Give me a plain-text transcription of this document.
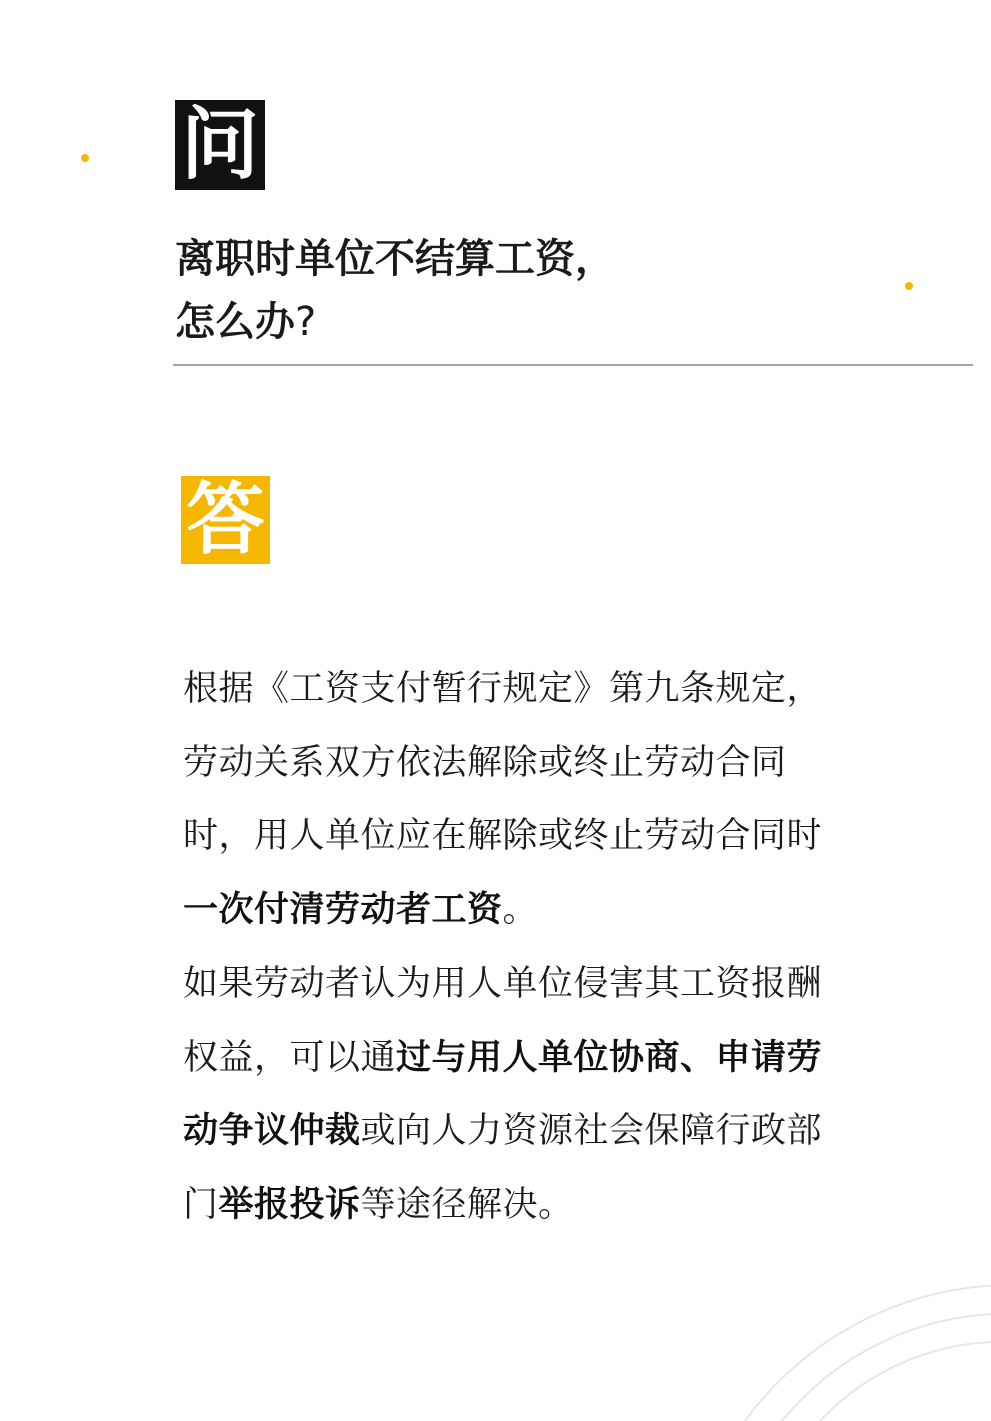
问
离职时单位不结算工资，
怎么办?
答

根据《工资支付暂行规定》第九条规定，劳动关系双方依法解除或终止劳动合同时，用人单位应在解除或终止劳动合同时一次付清劳动者工资。

如果劳动者认为用人单位侵害其工资报酬权益，可以通过与用人单位协商、申请劳动争议仲裁或向人力资源社会保障行政部门举报投诉等途径解决。
